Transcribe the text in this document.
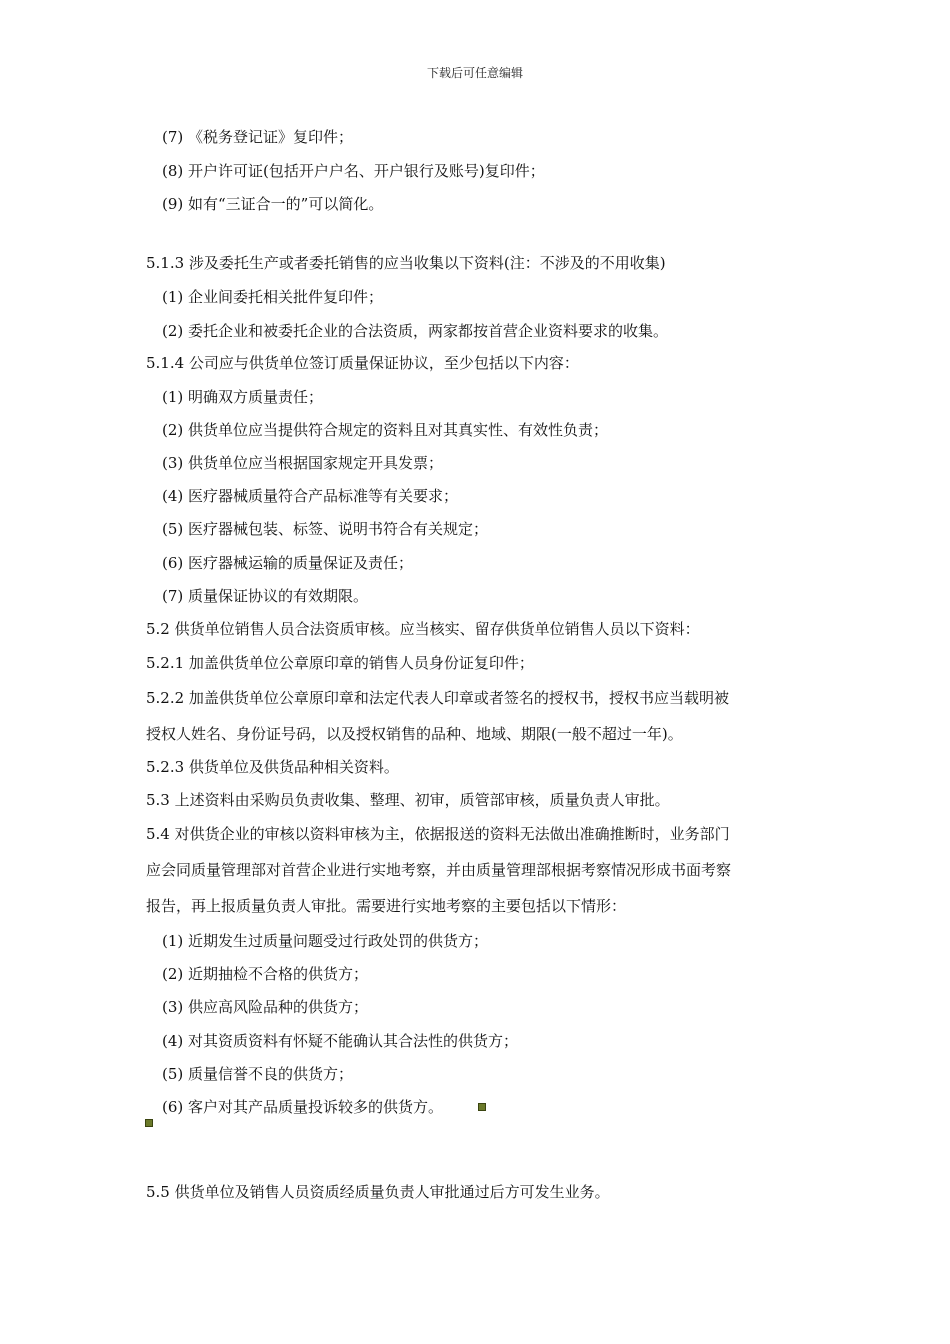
下载后可任意编辑
(7) 《税务登记证》复印件；
(8) 开户许可证(包括开户户名、开户银行及账号)复印件；
(9) 如有“三证合一的”可以简化。
5.1.3 涉及委托生产或者委托销售的应当收集以下资料(注：不涉及的不用收集)
(1) 企业间委托相关批件复印件；
(2) 委托企业和被委托企业的合法资质，两家都按首营企业资料要求的收集。
5.1.4 公司应与供货单位签订质量保证协议，至少包括以下内容：
(1) 明确双方质量责任；
(2) 供货单位应当提供符合规定的资料且对其真实性、有效性负责；
(3) 供货单位应当根据国家规定开具发票；
(4) 医疗器械质量符合产品标准等有关要求；
(5) 医疗器械包装、标签、说明书符合有关规定；
(6) 医疗器械运输的质量保证及责任；
(7) 质量保证协议的有效期限。
5.2 供货单位销售人员合法资质审核。应当核实、留存供货单位销售人员以下资料：
5.2.1 加盖供货单位公章原印章的销售人员身份证复印件；
5.2.2 加盖供货单位公章原印章和法定代表人印章或者签名的授权书，授权书应当载明被
授权人姓名、身份证号码，以及授权销售的品种、地域、期限(一般不超过一年)。
5.2.3 供货单位及供货品种相关资料。
5.3 上述资料由采购员负责收集、整理、初审，质管部审核，质量负责人审批。
5.4 对供货企业的审核以资料审核为主，依据报送的资料无法做出准确推断时，业务部门
应会同质量管理部对首营企业进行实地考察，并由质量管理部根据考察情况形成书面考察
报告，再上报质量负责人审批。需要进行实地考察的主要包括以下情形：
(1) 近期发生过质量问题受过行政处罚的供货方；
(2) 近期抽检不合格的供货方；
(3) 供应高风险品种的供货方；
(4) 对其资质资料有怀疑不能确认其合法性的供货方；
(5) 质量信誉不良的供货方；
(6) 客户对其产品质量投诉较多的供货方。
5.5 供货单位及销售人员资质经质量负责人审批通过后方可发生业务。
